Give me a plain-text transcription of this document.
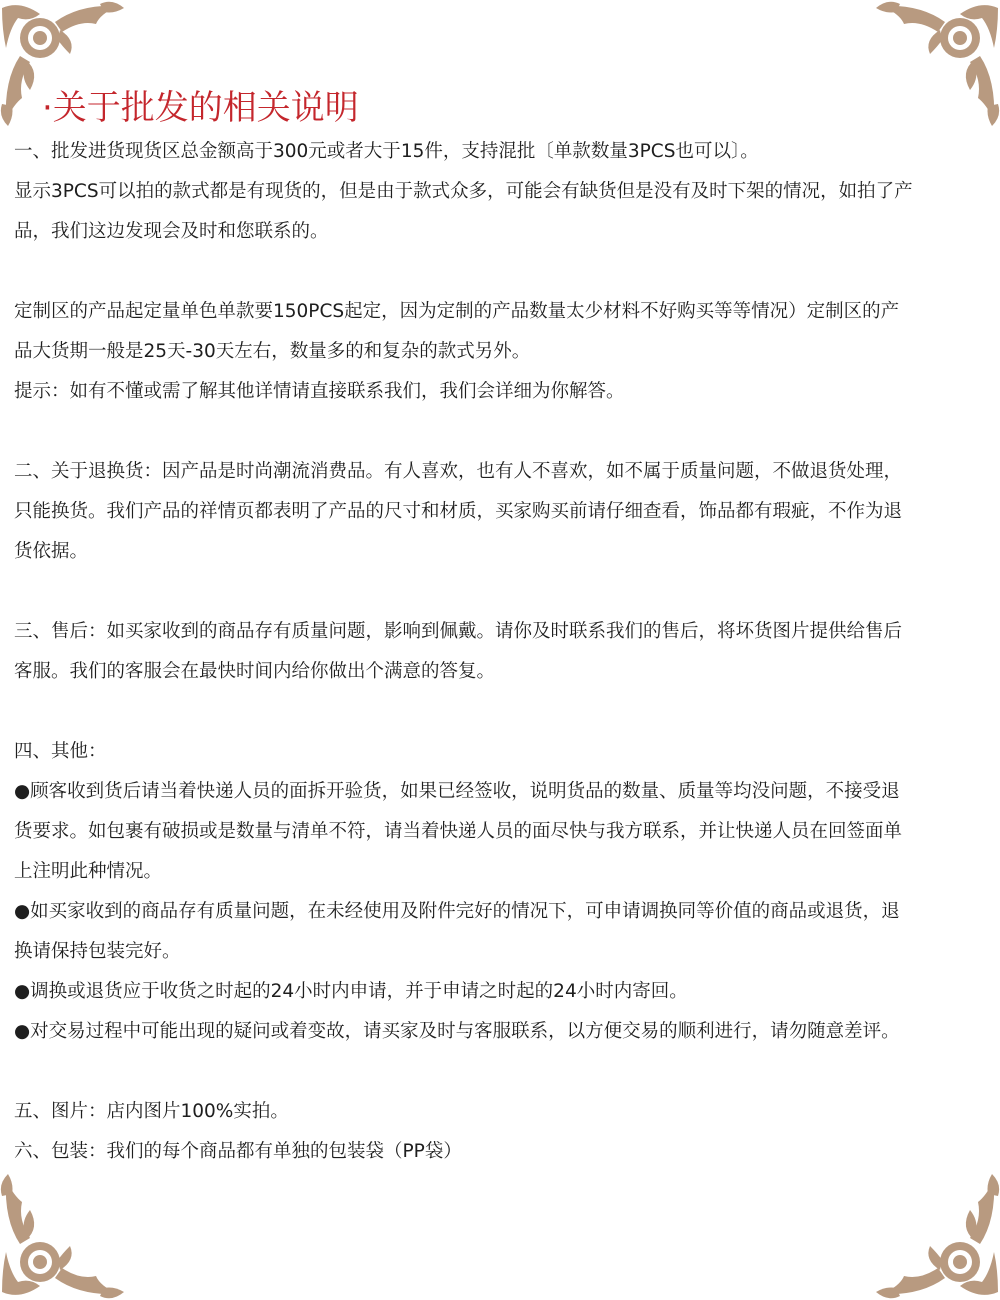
·关于批发的相关说明
一、批发进货现货区总金额高于300元或者大于15件，支持混批〔单款数量3PCS也可以〕。
显示3PCS可以拍的款式都是有现货的，但是由于款式众多，可能会有缺货但是没有及时下架的情况，如拍了产
品，我们这边发现会及时和您联系的。
定制区的产品起定量单色单款要150PCS起定，因为定制的产品数量太少材料不好购买等等情况）定制区的产
品大货期一般是25天-30天左右，数量多的和复杂的款式另外。
提示：如有不懂或需了解其他详情请直接联系我们，我们会详细为你解答。
二、关于退换货：因产品是时尚潮流消费品。有人喜欢，也有人不喜欢，如不属于质量问题，不做退货处理，
只能换货。我们产品的祥情页都表明了产品的尺寸和材质，买家购买前请仔细查看，饰品都有瑕疵，不作为退
货依据。
三、售后：如买家收到的商品存有质量问题，影响到佩戴。请你及时联系我们的售后，将坏货图片提供给售后
客服。我们的客服会在最快时间内给你做出个满意的答复。
四、其他：
●顾客收到货后请当着快递人员的面拆开验货，如果已经签收，说明货品的数量、质量等均没问题，不接受退
货要求。如包裹有破损或是数量与清单不符，请当着快递人员的面尽快与我方联系，并让快递人员在回签面单
上注明此种情况。
●如买家收到的商品存有质量问题，在未经使用及附件完好的情况下，可申请调换同等价值的商品或退货，退
换请保持包装完好。
●调换或退货应于收货之时起的24小时内申请，并于申请之时起的24小时内寄回。
●对交易过程中可能出现的疑问或着变故，请买家及时与客服联系，以方便交易的顺利进行，请勿随意差评。
五、图片：店内图片100%实拍。
六、包装：我们的每个商品都有单独的包装袋（PP袋）
